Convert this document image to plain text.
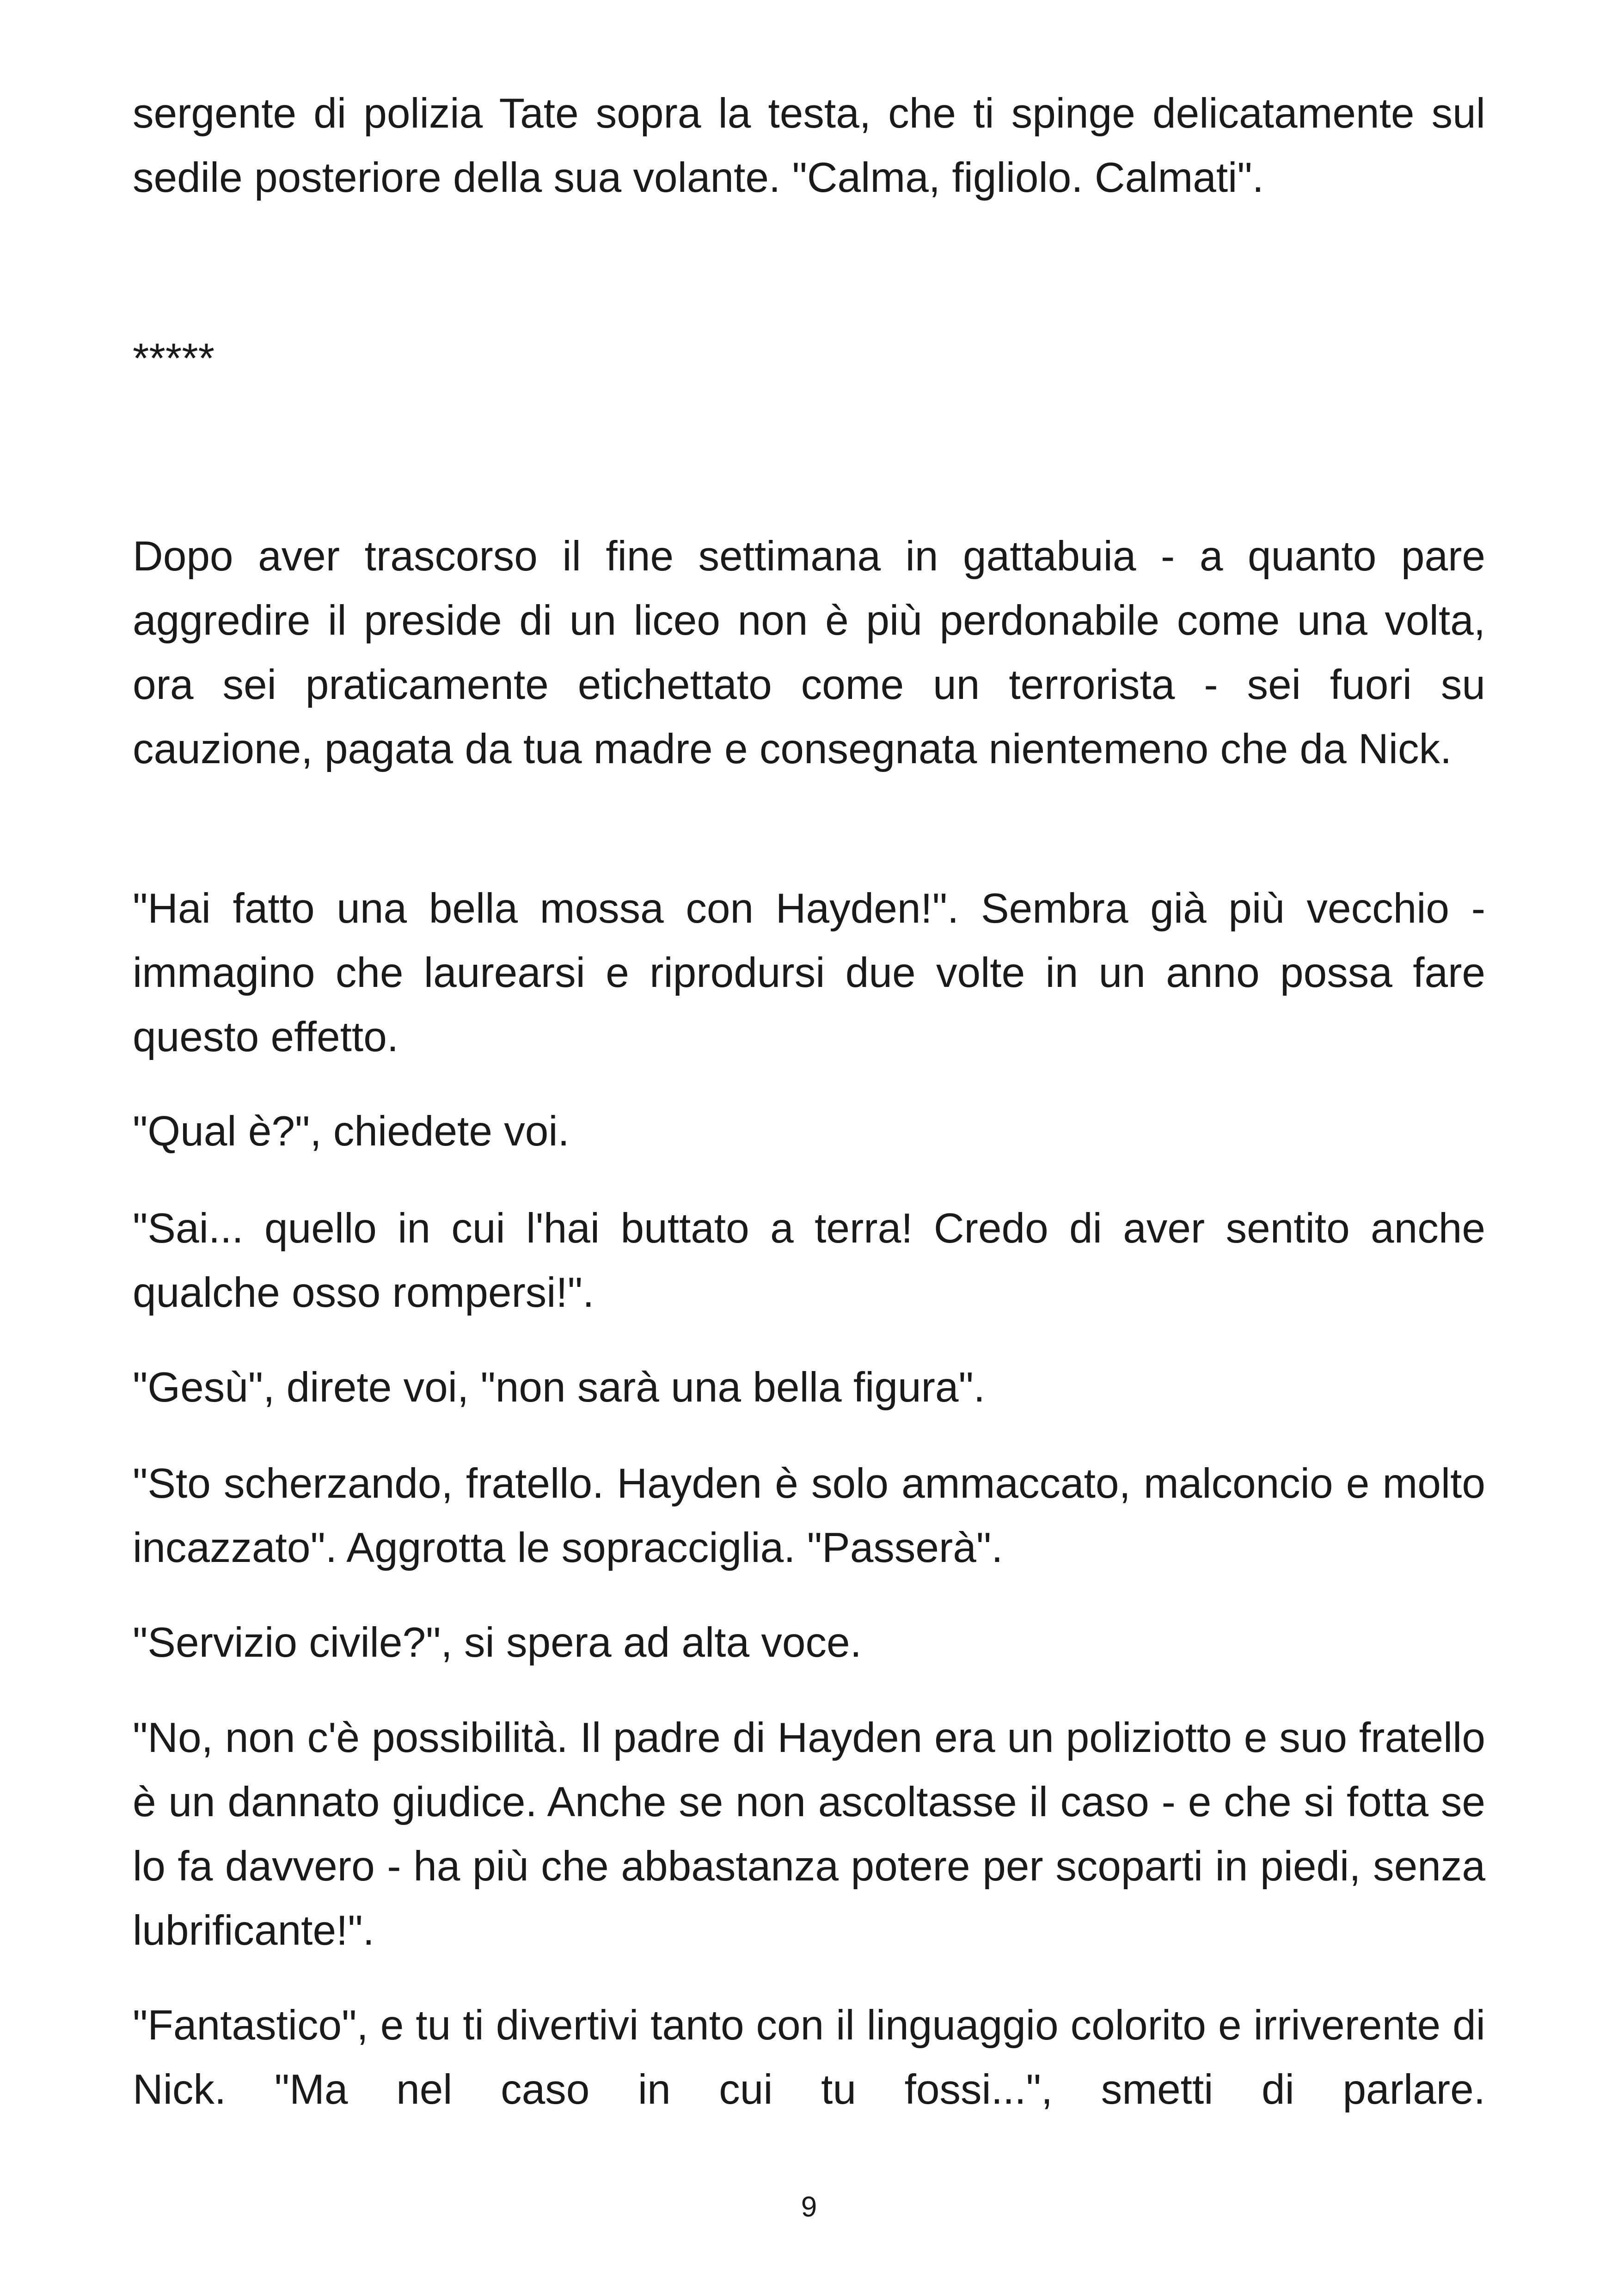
sergente di polizia Tate sopra la testa, che ti spinge delicatamente sul sedile posteriore della sua volante. "Calma, figliolo. Calmati".

*****

Dopo aver trascorso il fine settimana in gattabuia - a quanto pare aggredire il preside di un liceo non è più perdonabile come una volta, ora sei praticamente etichettato come un terrorista - sei fuori su cauzione, pagata da tua madre e consegnata nientemeno che da Nick.

"Hai fatto una bella mossa con Hayden!". Sembra già più vecchio - immagino che laurearsi e riprodursi due volte in un anno possa fare questo effetto.

"Qual è?", chiedete voi.

"Sai... quello in cui l'hai buttato a terra! Credo di aver sentito anche qualche osso rompersi!".

"Gesù", direte voi, "non sarà una bella figura".

"Sto scherzando, fratello. Hayden è solo ammaccato, malconcio e molto incazzato". Aggrotta le sopracciglia. "Passerà".

"Servizio civile?", si spera ad alta voce.

"No, non c'è possibilità. Il padre di Hayden era un poliziotto e suo fratello è un dannato giudice. Anche se non ascoltasse il caso - e che si fotta se lo fa davvero - ha più che abbastanza potere per scoparti in piedi, senza lubrificante!".

"Fantastico", e tu ti divertivi tanto con il linguaggio colorito e irriverente di Nick. "Ma nel caso in cui tu fossi...", smetti di parlare.

9
